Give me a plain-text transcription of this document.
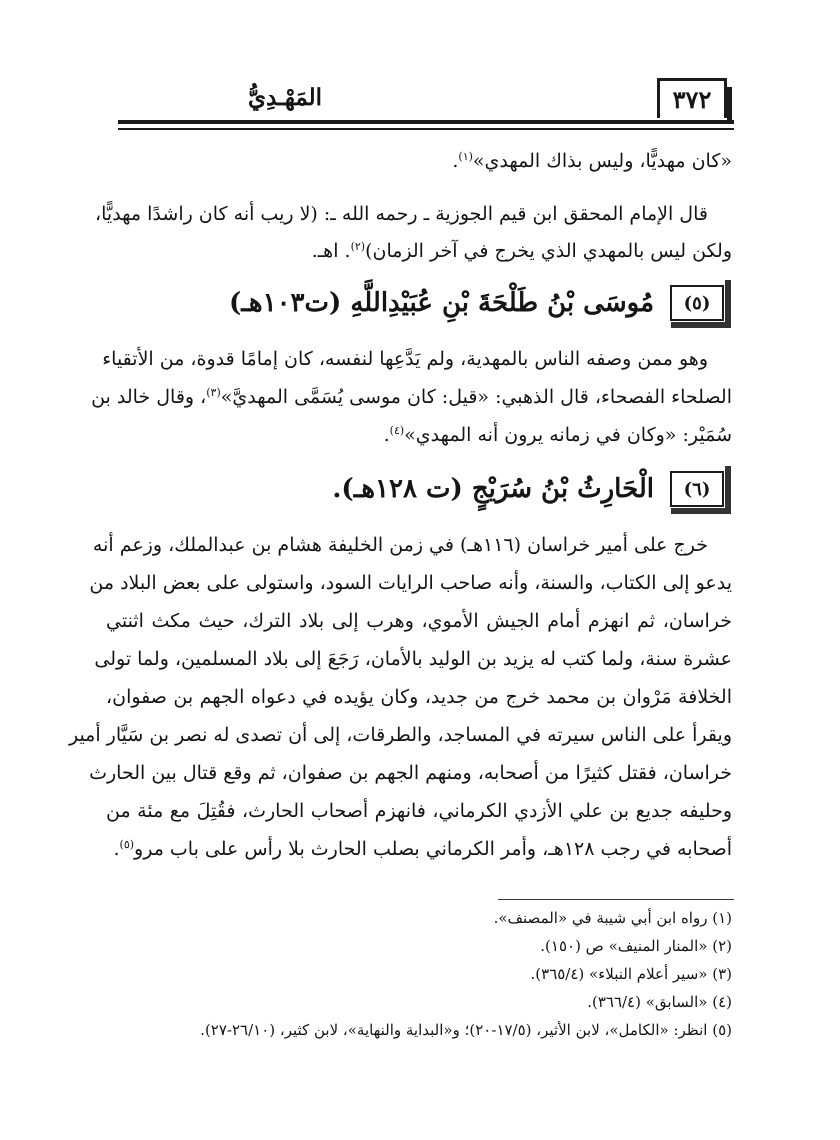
٣٧٢
المَهْـدِيُّ
«كان مهديًّا، وليس بذاك المهدي»$^{(١)}$.
قال الإمام المحقق ابن قيم الجوزية ـ رحمه الله ـ: (لا ريب أنه كان راشدًا مهديًّا،
ولكن ليس بالمهدي الذي يخرج في آخر الزمان)$^{(٢)}$. اهـ.
(٥)
مُوسَى بْنُ طَلْحَةَ بْنِ عُبَيْدِاللَّهِ (ت١٠٣هـ)
وهو ممن وصفه الناس بالمهدية، ولم يَدَّعِها لنفسه، كان إمامًا قدوة، من الأتقياء
الصلحاء الفصحاء، قال الذهبي: «قيل: كان موسى يُسَمَّى المهديَّ»$^{(٣)}$، وقال خالد بن
سُمَيْر: «وكان في زمانه يرون أنه المهدي»$^{(٤)}$.
(٦)
الْحَارِثُ بْنُ سُرَيْجٍ (ت ١٢٨هـ).
خرج على أمير خراسان (١١٦هـ) في زمن الخليفة هشام بن عبدالملك، وزعم أنه
يدعو إلى الكتاب، والسنة، وأنه صاحب الرايات السود، واستولى على بعض البلاد من
خراسان، ثم انهزم أمام الجيش الأموي، وهرب إلى بلاد الترك، حيث مكث اثنتي
عشرة سنة، ولما كتب له يزيد بن الوليد بالأمان، رَجَعَ إلى بلاد المسلمين، ولما تولى
الخلافة مَرْوان بن محمد خرج من جديد، وكان يؤيده في دعواه الجهم بن صفوان،
ويقرأ على الناس سيرته في المساجد، والطرقات، إلى أن تصدى له نصر بن سَيَّار أمير
خراسان، فقتل كثيرًا من أصحابه، ومنهم الجهم بن صفوان، ثم وقع قتال بين الحارث
وحليفه جديع بن علي الأزدي الكرماني، فانهزم أصحاب الحارث، فقُتِلَ مع مئة من
أصحابه في رجب ١٢٨هـ، وأمر الكرماني بصلب الحارث بلا رأس على باب مرو$^{(٥)}$.
(١) رواه ابن أبي شيبة في «المصنف».
(٢) «المنار المنيف» ص (١٥٠).
(٣) «سير أعلام النبلاء» (٣٦٥/٤).
(٤) «السابق» (٣٦٦/٤).
(٥) انظر: «الكامل»، لابن الأثير، (١٧/٥-٢٠)؛ و«البداية والنهاية»، لابن كثير، (٢٦/١٠-٢٧).
